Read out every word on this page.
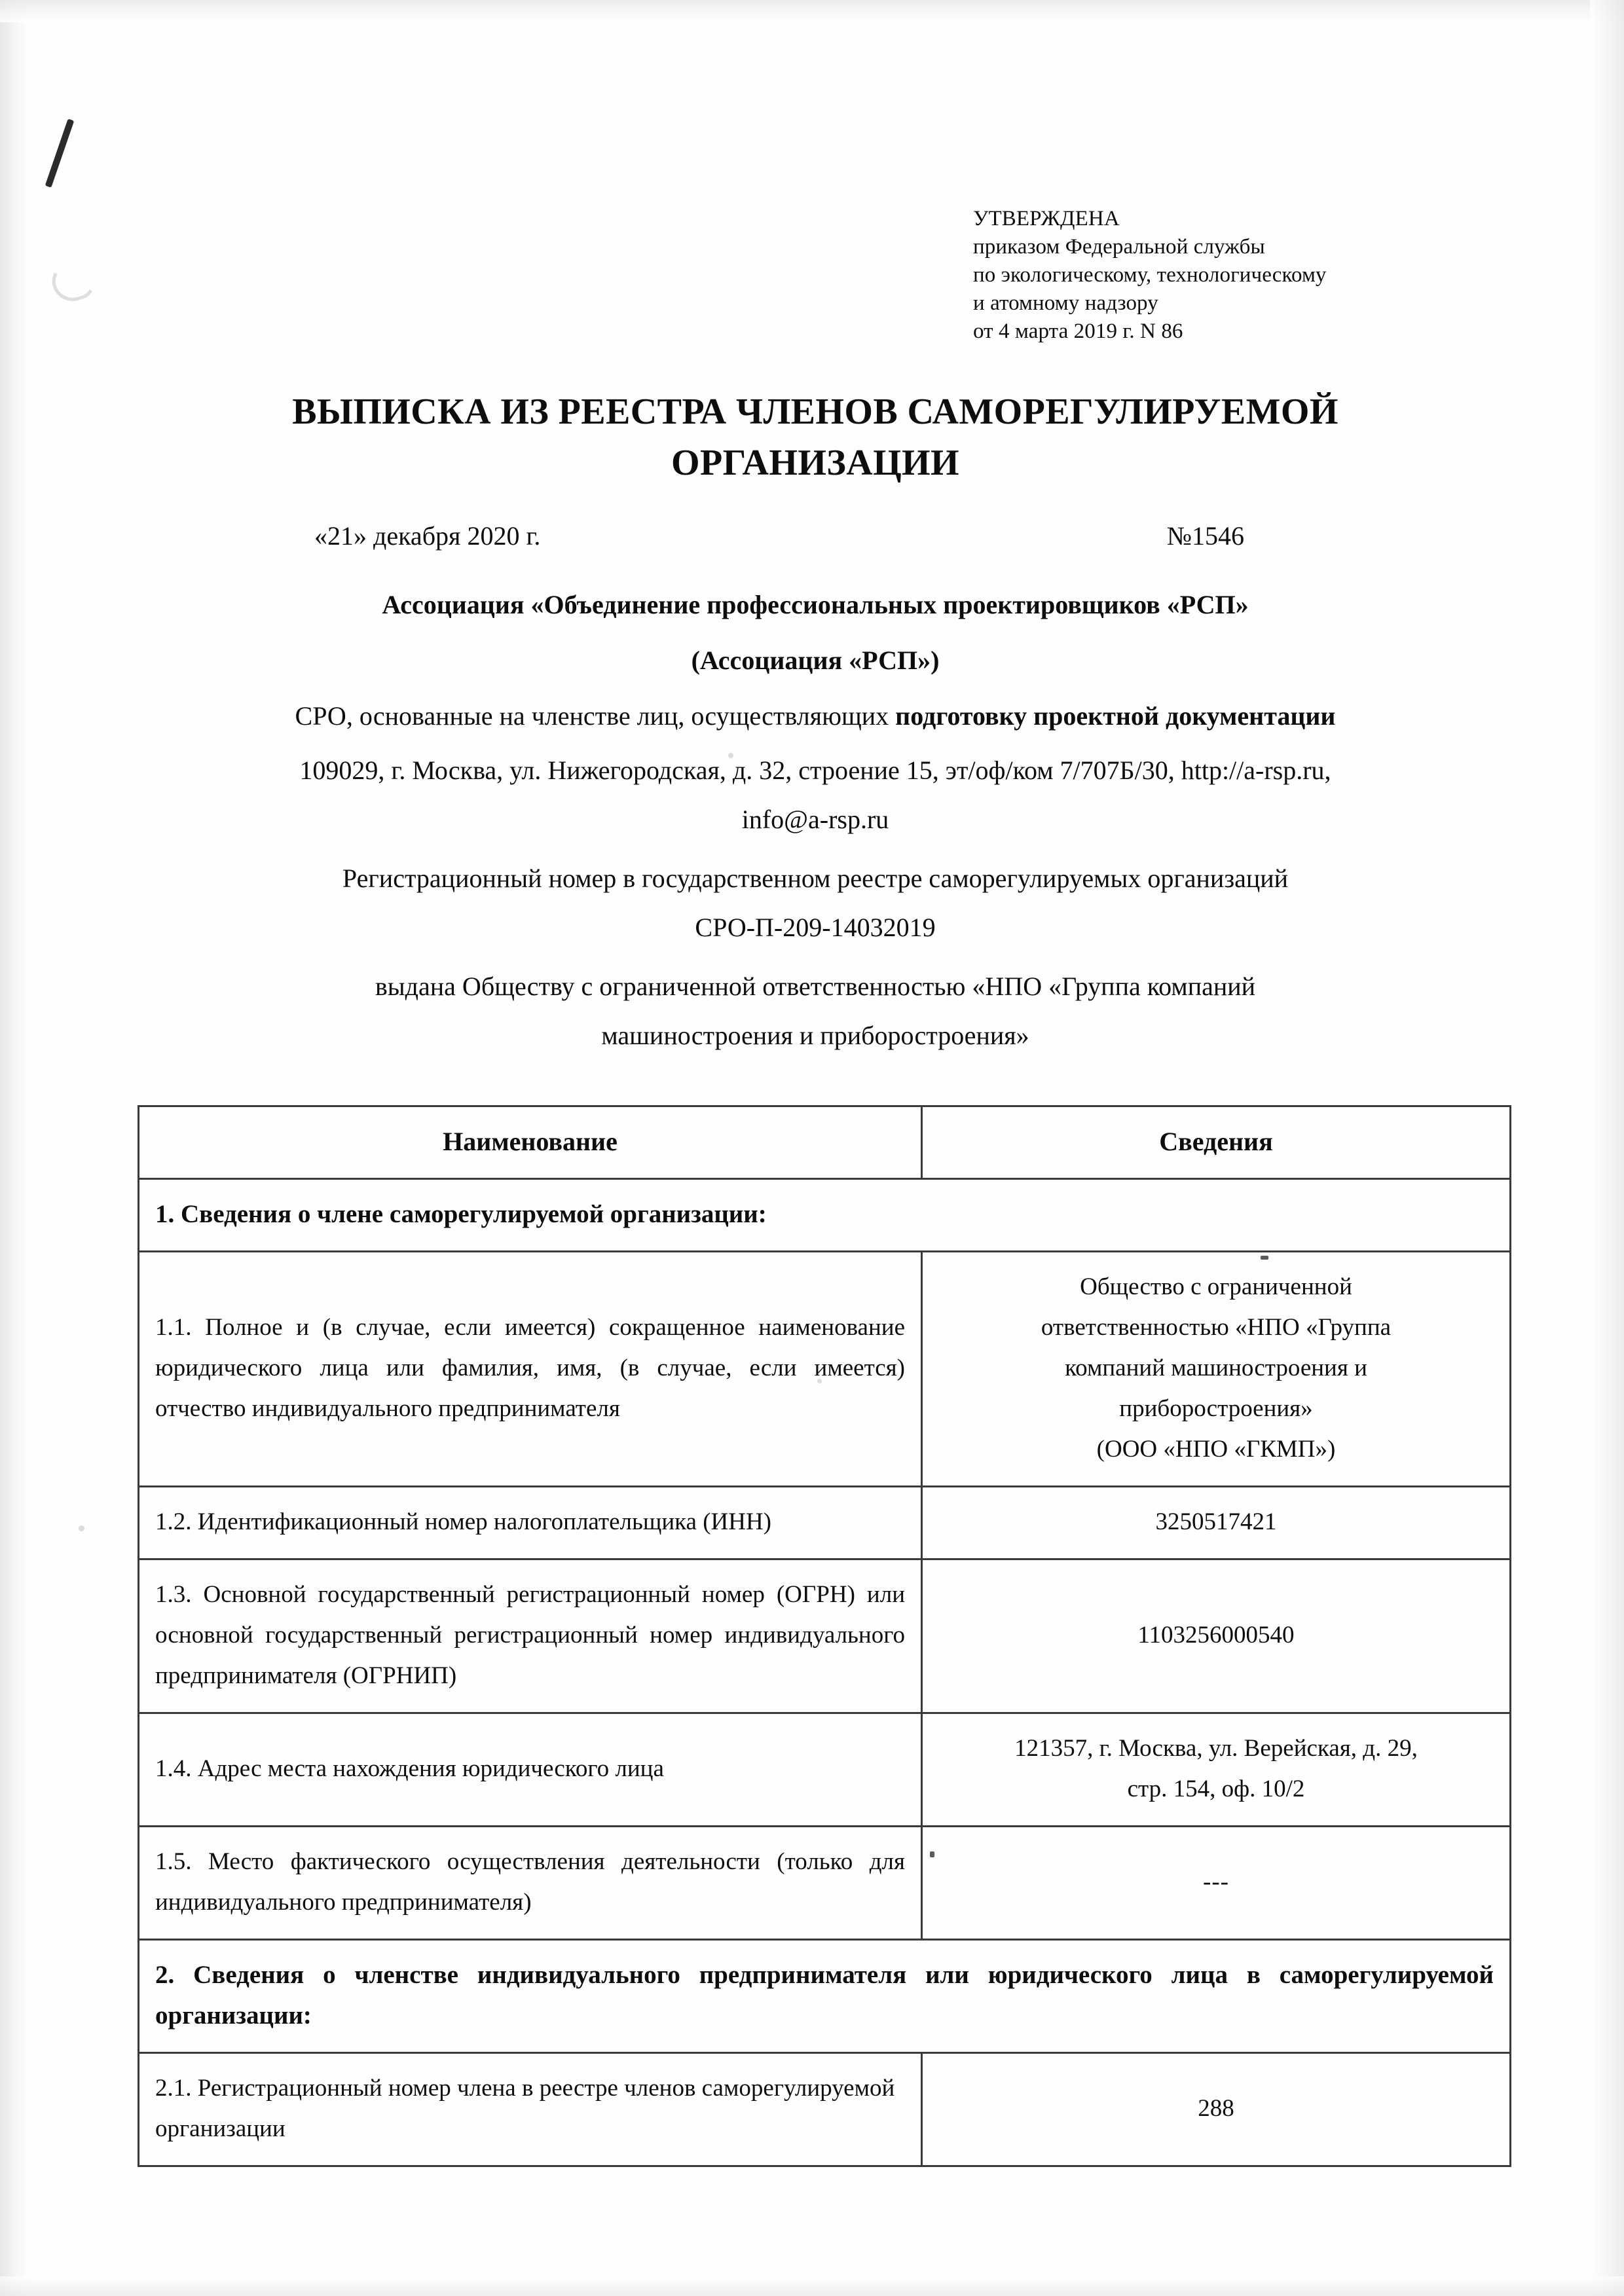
УТВЕРЖДЕНА
приказом Федеральной службы
по экологическому, технологическому
и атомному надзору
от 4 марта 2019 г. N 86
ВЫПИСКА ИЗ РЕЕСТРА ЧЛЕНОВ САМОРЕГУЛИРУЕМОЙ ОРГАНИЗАЦИИ
«21» декабря 2020 г.	№1546
Ассоциация «Объединение профессиональных проектировщиков «РСП»
(Ассоциация «РСП»)
СРО, основанные на членстве лиц, осуществляющих подготовку проектной документации
109029, г. Москва, ул. Нижегородская, д. 32, строение 15, эт/оф/ком 7/707Б/30, http://a-rsp.ru,
info@a-rsp.ru
Регистрационный номер в государственном реестре саморегулируемых организаций
СРО-П-209-14032019
выдана Обществу с ограниченной ответственностью «НПО «Группа компаний
машиностроения и приборостроения»
Наименование	Сведения
1. Сведения о члене саморегулируемой организации:	
1.1. Полное и (в случае, если имеется) сокращенное наименование юридического лица или фамилия, имя, (в случае, если имеется) отчество индивидуального предпринимателя	Общество с ограниченной
ответственностью «НПО «Группа
компаний машиностроения и
приборостроения»
(ООО «НПО «ГКМП»)

1.2. Идентификационный номер налогоплательщика (ИНН)	3250517421
1.3. Основной государственный регистрационный номер (ОГРН) или основной государственный регистрационный номер индивидуального предпринимателя (ОГРНИП)	1103256000540
1.4. Адрес места нахождения юридического лица	121357, г. Москва, ул. Верейская, д. 29,
стр. 154, оф. 10/2

1.5. Место фактического осуществления деятельности (только для индивидуального предпринимателя)	---
2. Сведения о членстве индивидуального предпринимателя или юридического лица в саморегулируемой организации:	
2.1. Регистрационный номер члена в реестре членов саморегулируемой организации	288
